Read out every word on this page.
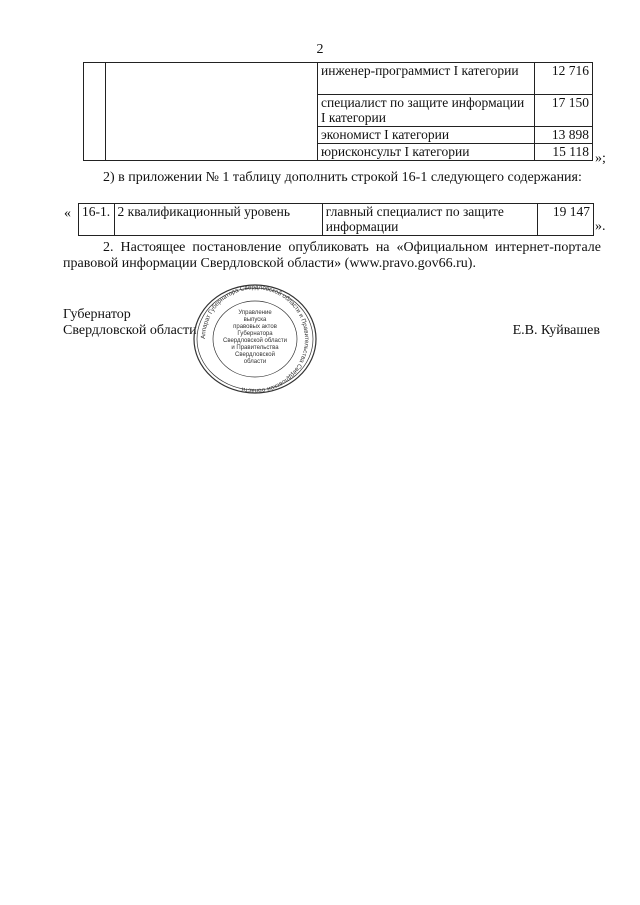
2
		инженер-программист I категории	12 716
		специалист по защите информации I категории	17 150
		экономист I категории	13 898
		юрисконсульт I категории	15 118 »;
2) в приложении № 1 таблицу дополнить строкой 16-1 следующего содержания:
« 16-1.	2 квалификационный уровень	главный специалист по защите информации	19 147
».
2. Настоящее постановление опубликовать на «Официальном интернет-портале правовой информации Свердловской области» (www.pravo.gov66.ru).
Губернатор
Свердловской области	Е.В. Куйвашев
Аппарат Губернатора Свердловской области и Правительства Свердловской области
Управление
выпуска
правовых актов
Губернатора
Свердловской области
и Правительства
Свердловской
области
